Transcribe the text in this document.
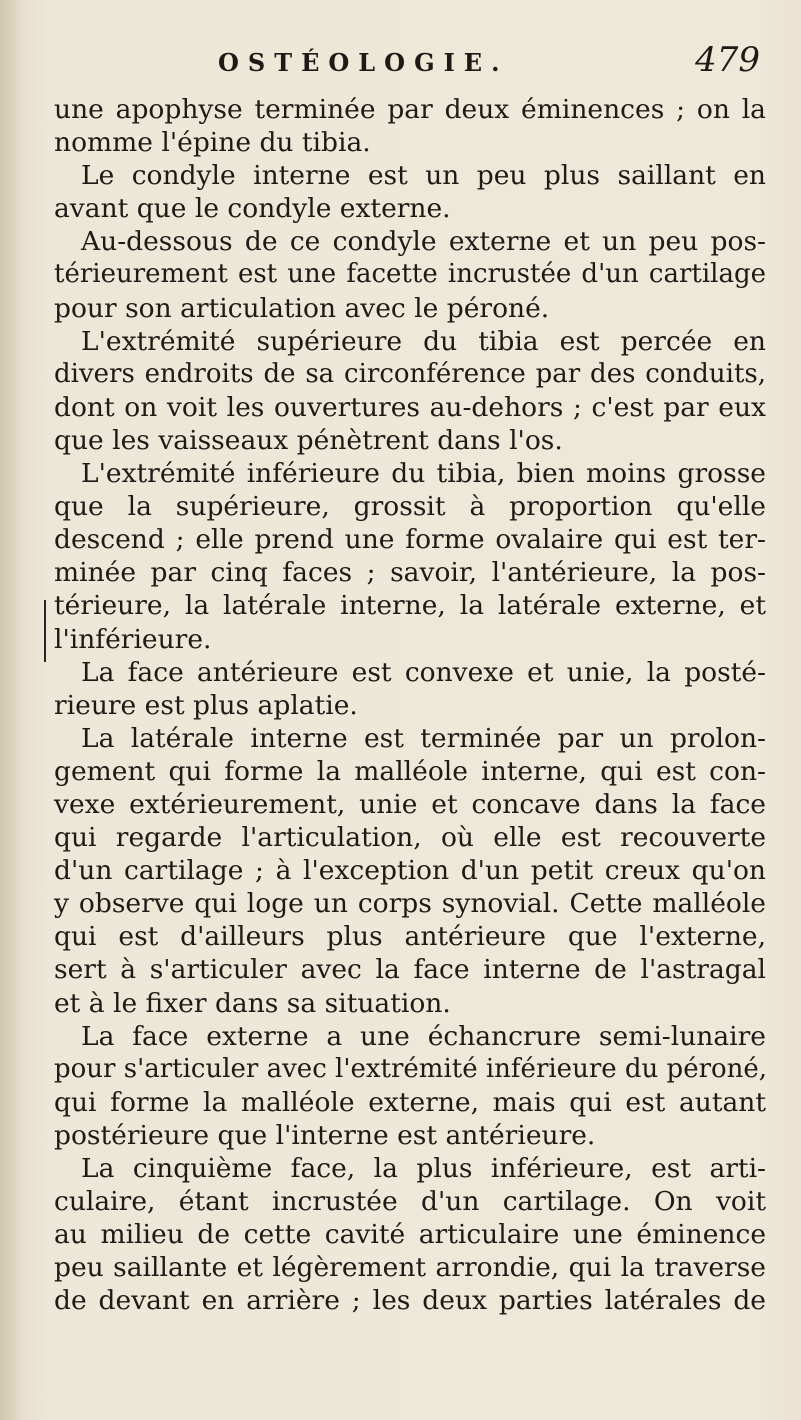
OSTÉOLOGIE.	479
une apophyse terminée par deux éminences ; on la
nomme l'épine du tibia.
Le condyle interne est un peu plus saillant en
avant que le condyle externe.
Au-dessous de ce condyle externe et un peu pos-
térieurement est une facette incrustée d'un cartilage
pour son articulation avec le péroné.
L'extrémité supérieure du tibia est percée en
divers endroits de sa circonférence par des conduits,
dont on voit les ouvertures au-dehors ; c'est par eux
que les vaisseaux pénètrent dans l'os.
L'extrémité inférieure du tibia, bien moins grosse
que la supérieure, grossit à proportion qu'elle
descend ; elle prend une forme ovalaire qui est ter-
minée par cinq faces ; savoir, l'antérieure, la pos-
térieure, la latérale interne, la latérale externe, et
l'inférieure.
La face antérieure est convexe et unie, la posté-
rieure est plus aplatie.
La latérale interne est terminée par un prolon-
gement qui forme la malléole interne, qui est con-
vexe extérieurement, unie et concave dans la face
qui regarde l'articulation, où elle est recouverte
d'un cartilage ; à l'exception d'un petit creux qu'on
y observe qui loge un corps synovial. Cette malléole
qui est d'ailleurs plus antérieure que l'externe,
sert à s'articuler avec la face interne de l'astragal
et à le fixer dans sa situation.
La face externe a une échancrure semi-lunaire
pour s'articuler avec l'extrémité inférieure du péroné,
qui forme la malléole externe, mais qui est autant
postérieure que l'interne est antérieure.
La cinquième face, la plus inférieure, est arti-
culaire, étant incrustée d'un cartilage. On voit
au milieu de cette cavité articulaire une éminence
peu saillante et légèrement arrondie, qui la traverse
de devant en arrière ; les deux parties latérales de
